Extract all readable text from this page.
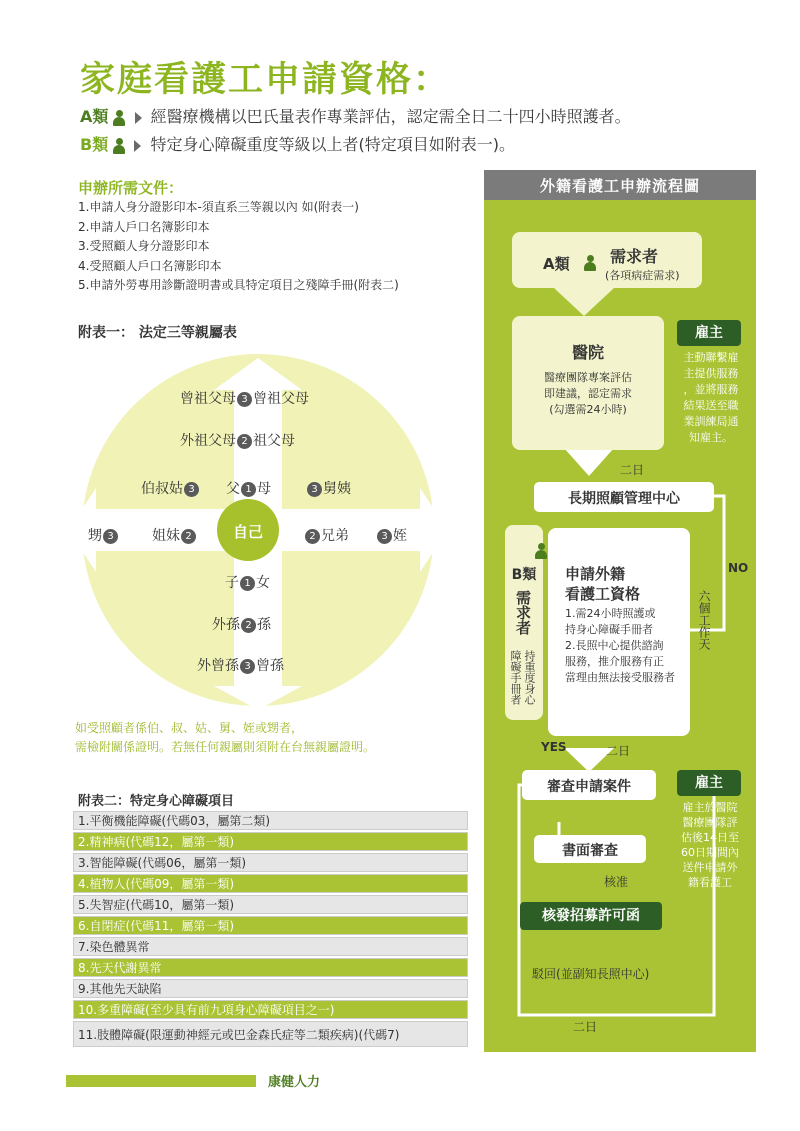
家庭看護工申請資格：
A類	經醫療機構以巴氏量表作專業評估，認定需全日二十四小時照護者。
B類	特定身心障礙重度等級以上者(特定項目如附表一)。
申辦所需文件：
1.申請人身分證影印本-須直系三等親以內 如(附表一)
2.申請人戶口名簿影印本
3.受照顧人身分證影印本
4.受照顧人戶口名簿影印本
5.申請外勞專用診斷證明書或具特定項目之殘障手冊(附表二)
附表一： 法定三等親屬表
自己
曾祖父母 3 曾祖父母
外祖父母 2 祖父母
伯叔姑 3	父 1 母	3 舅姨
甥 3	姐妹 2	2 兄弟	3 姪
子 1 女
外孫 2 孫
外曾孫 3 曾孫
如受照顧者係伯、叔、姑、舅、姪或甥者，
需檢附關係證明。若無任何親屬則須附在台無親屬證明。
附表二：特定身心障礙項目
1.平衡機能障礙(代碼03，屬第二類)
2.精神病(代碼12，屬第一類)
3.智能障礙(代碼06，屬第一類)
4.植物人(代碼09，屬第一類)
5.失智症(代碼10，屬第一類)
6.自閉症(代碼11，屬第一類)
7.染色體異常
8.先天代謝異常
9.其他先天缺陷
10.多重障礙(至少具有前九項身心障礙項目之一)
11.肢體障礙(限運動神經元或巴金森氏症等二類疾病)(代碼7)
外籍看護工申辦流程圖
A類
	需求者
(各項病症需求)
醫院
醫療團隊專案評估
即建議，認定需求
(勾選需24小時)
雇主
主動聯繫雇
主提供服務
，並將服務
結果送至職
業訓練局通
知雇主。
二日
長期照顧管理中心
NO
B類
需求者
持重度身心
障礙手冊者
申請外籍
看護工資格
1.需24小時照護或
持身心障礙手冊者
2.長照中心提供諮詢
服務，推介服務有正
當理由無法接受服務者
六個工作天
YES	二日
審查申請案件	雇主
雇主於醫院
醫療團隊評
估後14日至
60日期間內
送件申請外
籍看護工
書面審查
核准
核發招募許可函
駁回(並副知長照中心)
二日
康健人力
